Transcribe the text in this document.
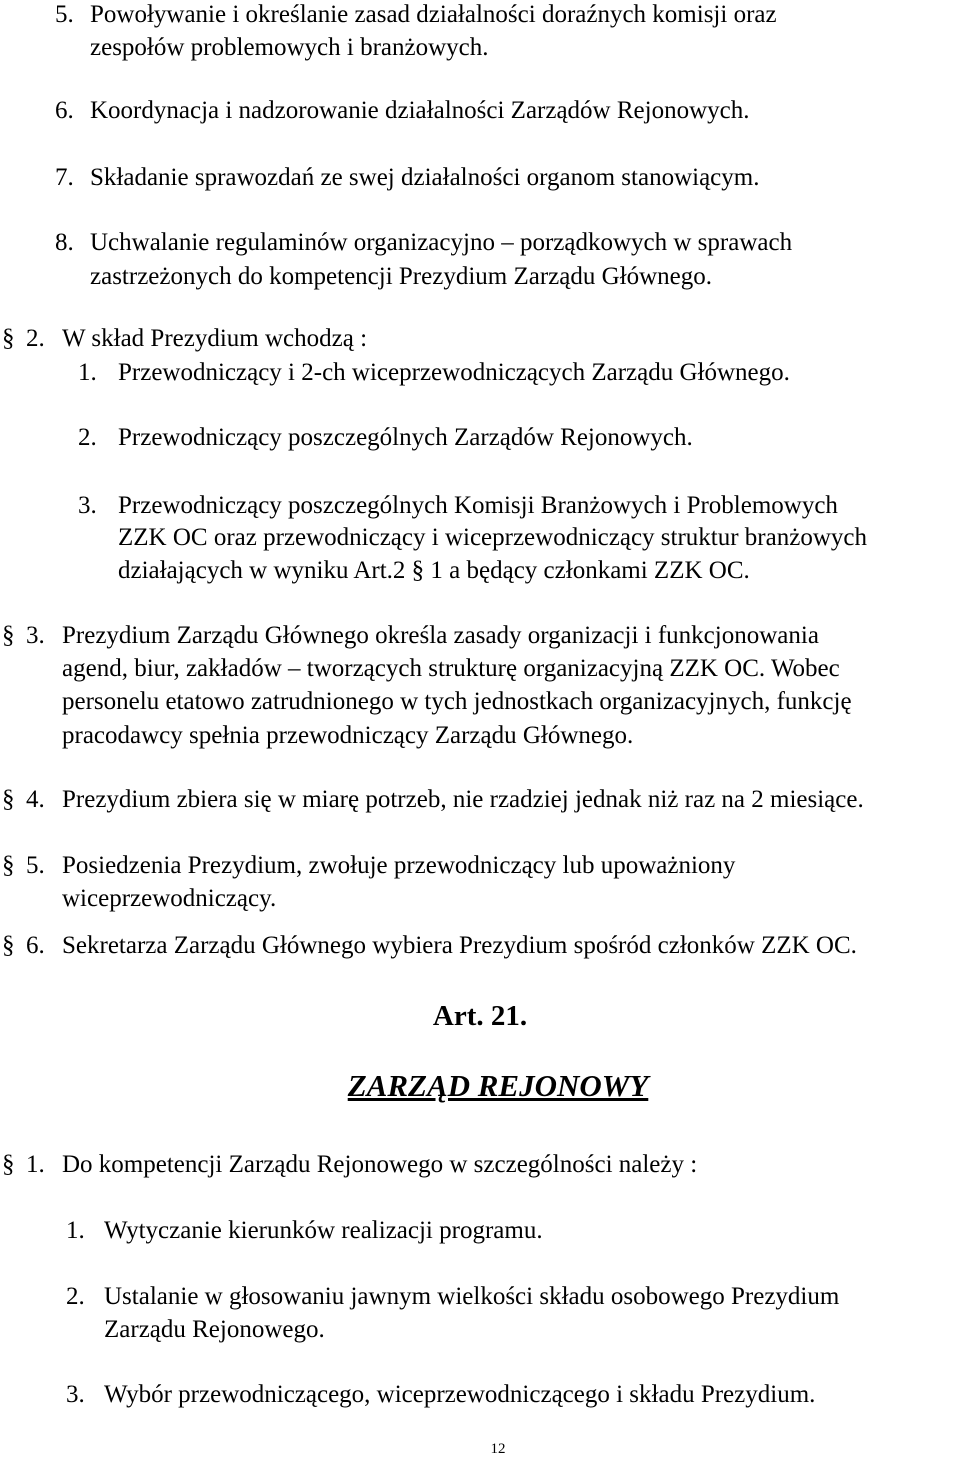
5. Powoływanie i określanie zasad działalności doraźnych komisji oraz
zespołów problemowych i branżowych.
6. Koordynacja i nadzorowanie działalności Zarządów Rejonowych.
7. Składanie sprawozdań ze swej działalności organom stanowiącym.
8. Uchwalanie regulaminów organizacyjno – porządkowych w sprawach
zastrzeżonych do kompetencji Prezydium Zarządu Głównego.
§ 2. W skład Prezydium wchodzą :
1. Przewodniczący i 2-ch wiceprzewodniczących Zarządu Głównego.
2. Przewodniczący poszczególnych Zarządów Rejonowych.
3. Przewodniczący poszczególnych Komisji Branżowych i Problemowych
ZZK OC oraz przewodniczący i wiceprzewodniczący struktur branżowych
działających w wyniku Art.2 § 1 a będący członkami ZZK OC.
§ 3. Prezydium Zarządu Głównego określa zasady organizacji i funkcjonowania
agend, biur, zakładów – tworzących strukturę organizacyjną ZZK OC. Wobec
personelu etatowo zatrudnionego w tych jednostkach organizacyjnych, funkcję
pracodawcy spełnia przewodniczący Zarządu Głównego.
§ 4. Prezydium zbiera się w miarę potrzeb, nie rzadziej jednak niż raz na 2 miesiące.
§ 5. Posiedzenia Prezydium, zwołuje przewodniczący lub upoważniony
wiceprzewodniczący.
§ 6. Sekretarza Zarządu Głównego wybiera Prezydium spośród członków ZZK OC.
Art. 21.
ZARZĄD REJONOWY
§ 1. Do kompetencji Zarządu Rejonowego w szczególności należy :
1. Wytyczanie kierunków realizacji programu.
2. Ustalanie w głosowaniu jawnym wielkości składu osobowego Prezydium
Zarządu Rejonowego.
3. Wybór przewodniczącego, wiceprzewodniczącego i składu Prezydium.
12
